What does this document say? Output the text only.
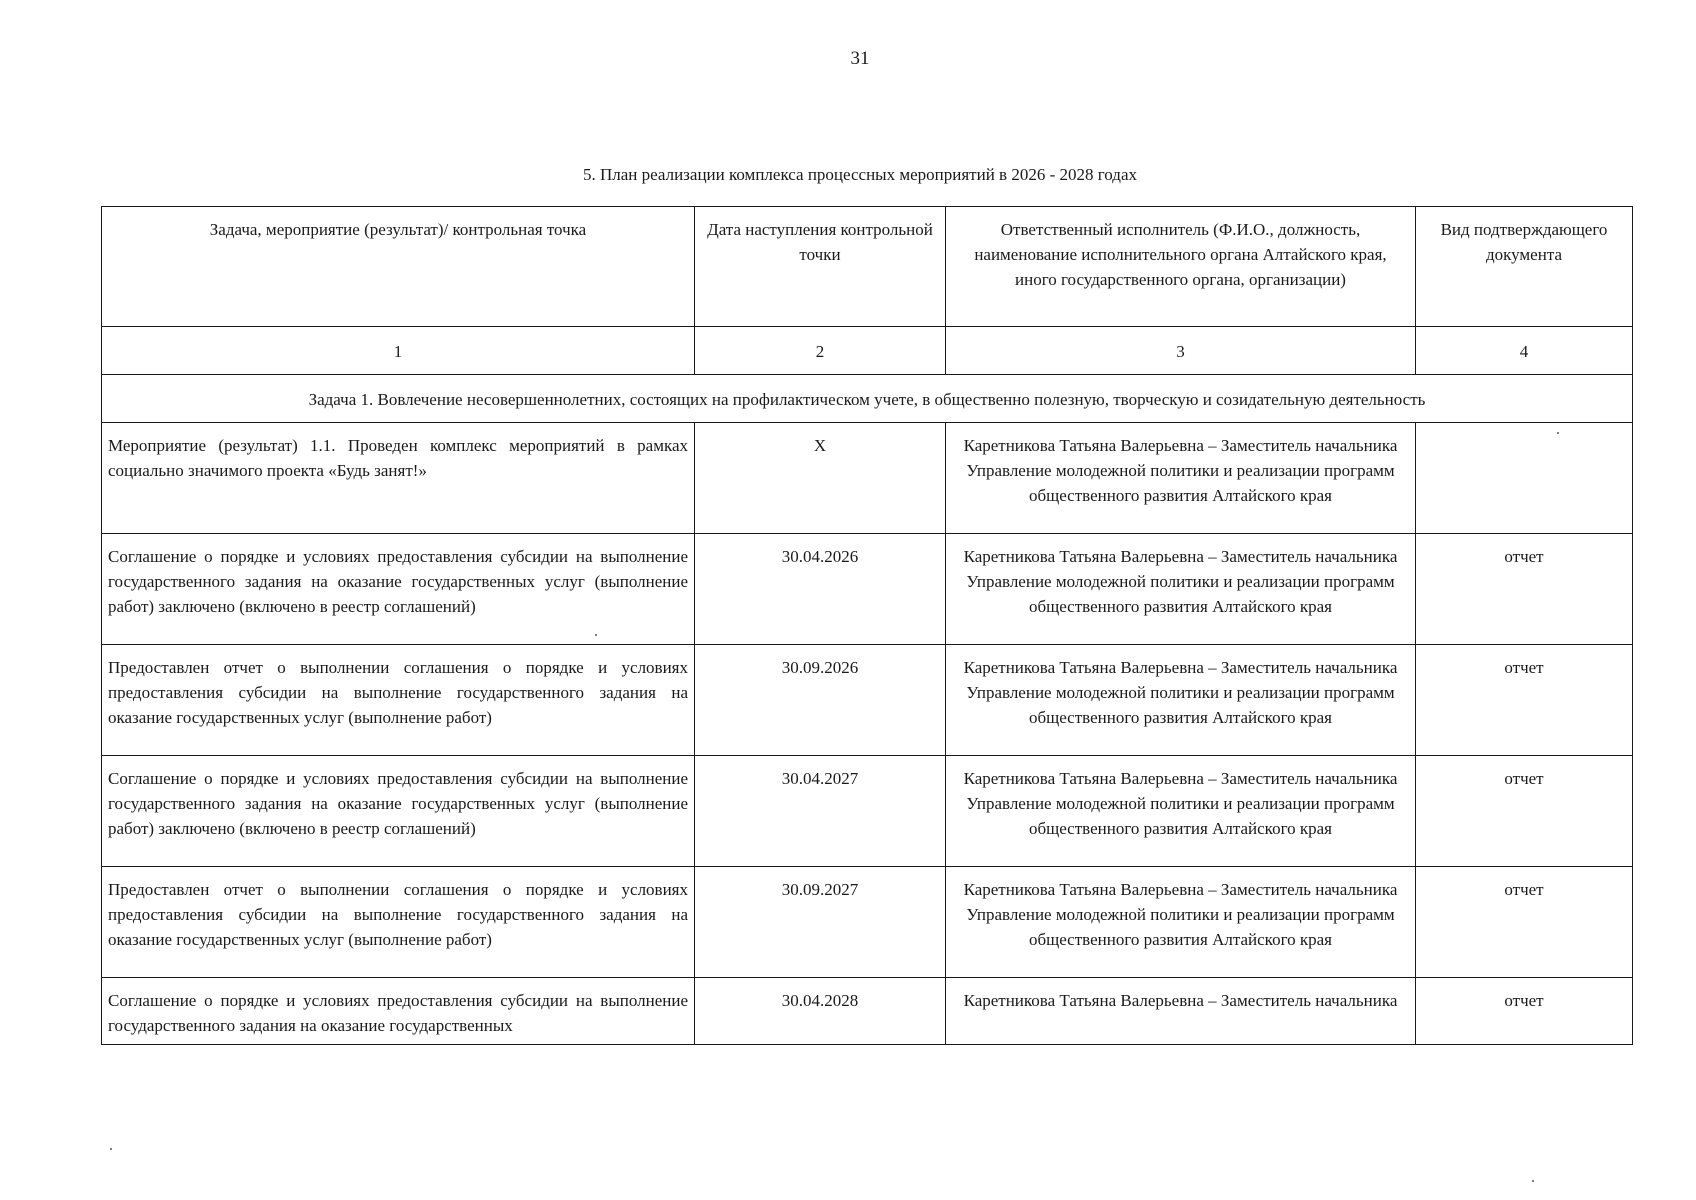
31
5. План реализации комплекса процессных мероприятий в 2026 - 2028 годах
Задача, мероприятие (результат)/ контрольная точка	Дата наступления контрольной точки	Ответственный исполнитель (Ф.И.О., должность, наименование исполнительного органа Алтайского края, иного государственного органа, организации)	Вид подтверждающего документа
1	2	3	4
Задача 1. Вовлечение несовершеннолетних, состоящих на профилактическом учете, в общественно полезную, творческую и созидательную деятельность			
Мероприятие (результат) 1.1. Проведен комплекс мероприятий в рамках социально значимого проекта «Будь занят!»	X	Каретникова Татьяна Валерьевна – Заместитель начальника
Управление молодежной политики и реализации программ общественного развития Алтайского края	

Соглашение о порядке и условиях предоставления субсидии на выполнение государственного задания на оказание государственных услуг (выполнение работ) заключено (включено в реестр соглашений)	30.04.2026	Каретникова Татьяна Валерьевна – Заместитель начальника
Управление молодежной политики и реализации программ общественного развития Алтайского края	отчет
Предоставлен отчет о выполнении соглашения о порядке и условиях предоставления субсидии на выполнение государственного задания на оказание государственных услуг (выполнение работ)	30.09.2026	Каретникова Татьяна Валерьевна – Заместитель начальника
Управление молодежной политики и реализации программ общественного развития Алтайского края	отчет
Соглашение о порядке и условиях предоставления субсидии на выполнение государственного задания на оказание государственных услуг (выполнение работ) заключено (включено в реестр соглашений)	30.04.2027	Каретникова Татьяна Валерьевна – Заместитель начальника
Управление молодежной политики и реализации программ общественного развития Алтайского края	отчет
Предоставлен отчет о выполнении соглашения о порядке и условиях предоставления субсидии на выполнение государственного задания на оказание государственных услуг (выполнение работ)	30.09.2027	Каретникова Татьяна Валерьевна – Заместитель начальника
Управление молодежной политики и реализации программ общественного развития Алтайского края	отчет
Соглашение о порядке и условиях предоставления субсидии на выполнение государственного задания на оказание государственных	30.04.2028	Каретникова Татьяна Валерьевна – Заместитель начальника	отчет
